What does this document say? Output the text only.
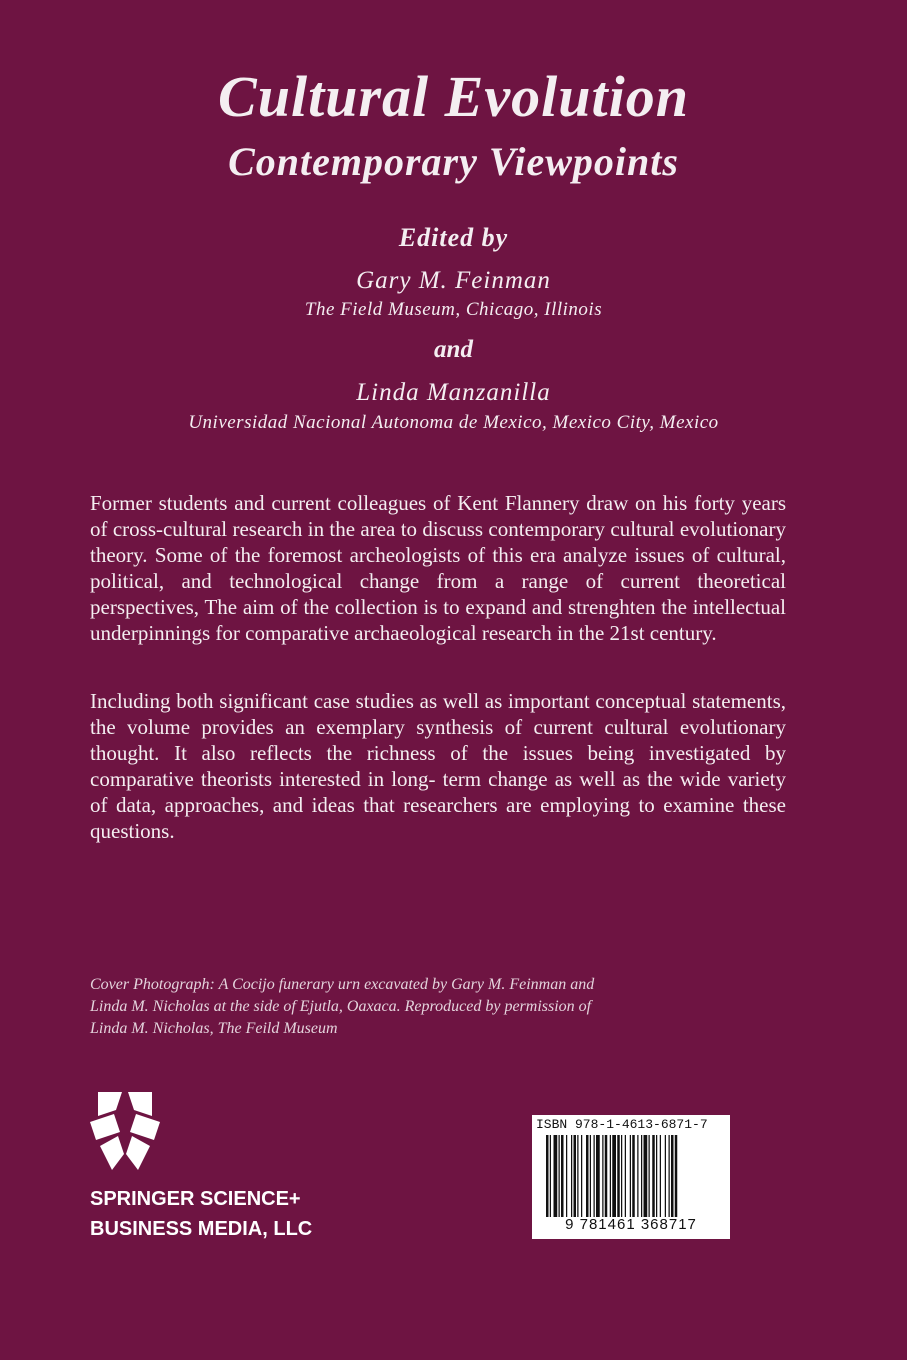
Cultural Evolution
Contemporary Viewpoints
Edited by
Gary M. Feinman
The Field Museum, Chicago, Illinois
and
Linda Manzanilla
Universidad Nacional Autonoma de Mexico, Mexico City, Mexico

Former students and current colleagues of Kent Flannery draw on his forty years of cross-cultural research in the area to discuss contemporary cultural evolutionary theory. Some of the foremost archeologists of this era analyze issues of cultural, political, and technological change from a range of current theoretical perspectives, The aim of the collection is to expand and strenghten the intellectual underpinnings for comparative archaeological research in the 21st century.

Including both significant case studies as well as important conceptual statements, the volume provides an exemplary synthesis of current cultural evolutionary thought. It also reflects the richness of the issues being investigated by comparative theorists interested in long- term change as well as the wide variety of data, approaches, and ideas that researchers are employing to examine these questions.

Cover Photograph: A Cocijo funerary urn excavated by Gary M. Feinman and
Linda M. Nicholas at the side of Ejutla, Oaxaca. Reproduced by permission of
Linda M. Nicholas, The Feild Museum
SPRINGER SCIENCE+
BUSINESS MEDIA, LLC
ISBN 978-1-4613-6871-7
9 781461 368717
